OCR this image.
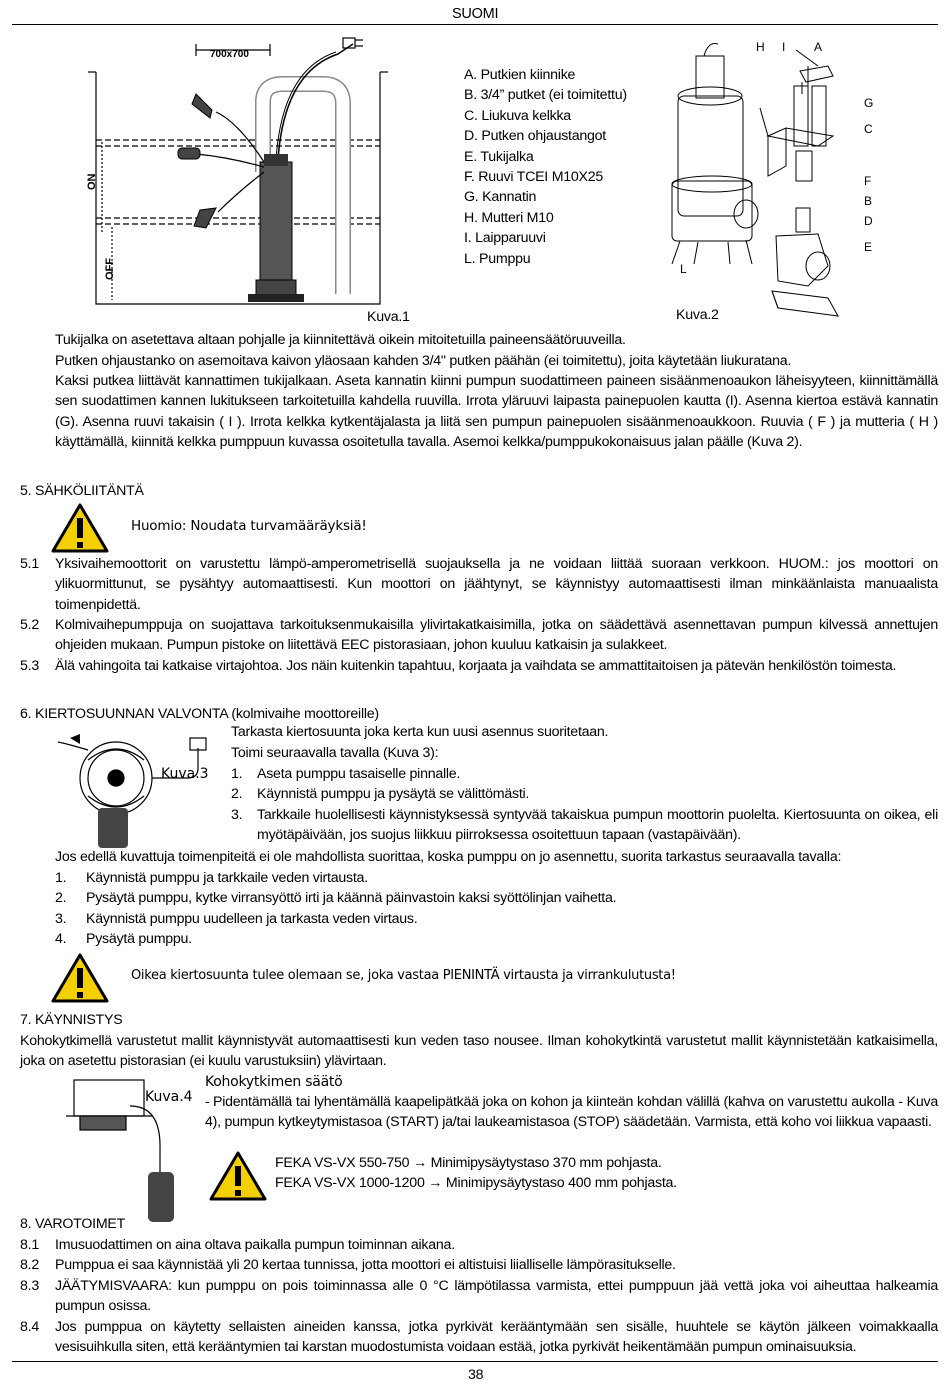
SUOMI
700x700
ON
OFF
Kuva.1
A. Putkien kiinnike
B. 3/4” putket (ei toimitettu)
C. Liukuva kelkka
D. Putken ohjaustangot
E. Tukijalka
F. Ruuvi TCEI M10X25
G. Kannatin
H. Mutteri M10
I. Laipparuuvi
L. Pumppu
H I A
G
C
F
B
D
E
L
Kuva.2
Tukijalka on asetettava altaan pohjalle ja kiinnitettävä oikein mitoitetuilla paineensäätöruuveilla.
Putken ohjaustanko on asemoitava kaivon yläosaan kahden 3/4" putken päähän (ei toimitettu), joita käytetään liukuratana.
Kaksi putkea liittävät kannattimen tukijalkaan. Aseta kannatin kiinni pumpun suodattimeen paineen sisäänmenoaukon läheisyyteen, kiinnittämällä sen suodattimen kannen lukitukseen tarkoitetuilla kahdella ruuvilla. Irrota yläruuvi laipasta painepuolen kautta (I). Asenna kiertoa estävä kannatin (G). Asenna ruuvi takaisin ( I ). Irrota kelkka kytkentäjalasta ja liitä sen pumpun painepuolen sisäänmenoaukkoon. Ruuvia ( F ) ja mutteria ( H ) käyttämällä, kiinnitä kelkka pumppuun kuvassa osoitetulla tavalla. Asemoi kelkka/pumppukokonaisuus jalan päälle (Kuva 2).
5. SÄHKÖLIITÄNTÄ
Huomio: Noudata turvamääräyksiä!
5.1 Yksivaihemoottorit on varustettu lämpö-amperometrisellä suojauksella ja ne voidaan liittää suoraan verkkoon. HUOM.: jos moottori on ylikuormittunut, se pysähtyy automaattisesti. Kun moottori on jäähtynyt, se käynnistyy automaattisesti ilman minkäänlaista manuaalista toimenpidettä.
5.2 Kolmivaihepumppuja on suojattava tarkoituksenmukaisilla ylivirtakatkaisimilla, jotka on säädettävä asennettavan pumpun kilvessä annettujen ohjeiden mukaan. Pumpun pistoke on liitettävä EEC pistorasiaan, johon kuuluu katkaisin ja sulakkeet.
5.3 Älä vahingoita tai katkaise virtajohtoa. Jos näin kuitenkin tapahtuu, korjaata ja vaihdata se ammattitaitoisen ja pätevän henkilöstön toimesta.
6. KIERTOSUUNNAN VALVONTA (kolmivaihe moottoreille)
Kuva.3
Tarkasta kiertosuunta joka kerta kun uusi asennus suoritetaan.
Toimi seuraavalla tavalla (Kuva 3):
1. Aseta pumppu tasaiselle pinnalle.
2. Käynnistä pumppu ja pysäytä se välittömästi.
3. Tarkkaile huolellisesti käynnistyksessä syntyvää takaiskua pumpun moottorin puolelta. Kiertosuunta on oikea, eli myötäpäivään, jos suojus liikkuu piirroksessa osoitettuun tapaan (vastapäivään).
Jos edellä kuvattuja toimenpiteitä ei ole mahdollista suorittaa, koska pumppu on jo asennettu, suorita tarkastus seuraavalla tavalla:
1. Käynnistä pumppu ja tarkkaile veden virtausta.
2. Pysäytä pumppu, kytke virransyöttö irti ja käännä päinvastoin kaksi syöttölinjan vaihetta.
3. Käynnistä pumppu uudelleen ja tarkasta veden virtaus.
4. Pysäytä pumppu.
Oikea kiertosuunta tulee olemaan se, joka vastaa PIENINTÄ virtausta ja virrankulutusta!
7. KÄYNNISTYS
Kohokytkimellä varustetut mallit käynnistyvät automaattisesti kun veden taso nousee. Ilman kohokytkintä varustetut mallit käynnistetään katkaisimella, joka on asetettu pistorasian (ei kuulu varustuksiin) ylävirtaan.
Kuva.4
Kohokytkimen säätö
- Pidentämällä tai lyhentämällä kaapelipätkää joka on kohon ja kiinteän kohdan välillä (kahva on varustettu aukolla - Kuva 4), pumpun kytkeytymistasoa (START) ja/tai laukeamistasoa (STOP) säädetään. Varmista, että koho voi liikkua vapaasti.
FEKA VS-VX 550-750 → Minimipysäytystaso 370 mm pohjasta.
FEKA VS-VX 1000-1200 → Minimipysäytystaso 400 mm pohjasta.
8. VAROTOIMET
8.1 Imusuodattimen on aina oltava paikalla pumpun toiminnan aikana.
8.2 Pumppua ei saa käynnistää yli 20 kertaa tunnissa, jotta moottori ei altistuisi liialliselle lämpörasitukselle.
8.3 JÄÄTYMISVAARA: kun pumppu on pois toiminnassa alle 0 °C lämpötilassa varmista, ettei pumppuun jää vettä joka voi aiheuttaa halkeamia pumpun osissa.
8.4 Jos pumppua on käytetty sellaisten aineiden kanssa, jotka pyrkivät kerääntymään sen sisälle, huuhtele se käytön jälkeen voimakkaalla vesisuihkulla siten, että kerääntymien tai karstan muodostumista voidaan estää, jotka pyrkivät heikentämään pumpun ominaisuuksia.
38
